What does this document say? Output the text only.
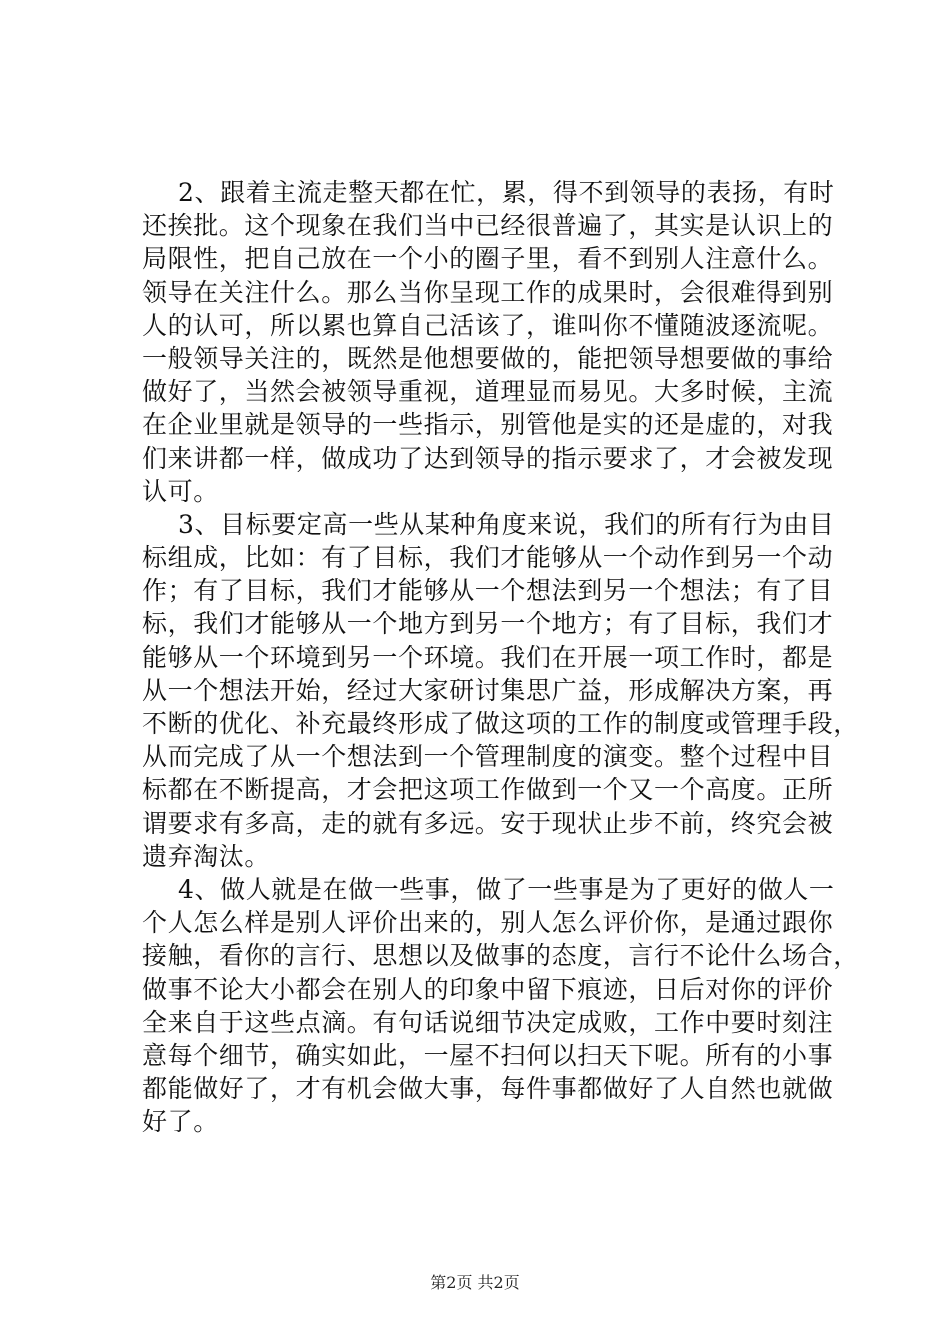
2、跟着主流走整天都在忙，累，得不到领导的表扬，有时
还挨批。这个现象在我们当中已经很普遍了，其实是认识上的
局限性，把自己放在一个小的圈子里，看不到别人注意什么。
领导在关注什么。那么当你呈现工作的成果时，会很难得到别
人的认可，所以累也算自己活该了，谁叫你不懂随波逐流呢。
一般领导关注的，既然是他想要做的，能把领导想要做的事给
做好了，当然会被领导重视，道理显而易见。大多时候，主流
在企业里就是领导的一些指示，别管他是实的还是虚的，对我
们来讲都一样，做成功了达到领导的指示要求了，才会被发现
认可。
3、目标要定高一些从某种角度来说，我们的所有行为由目
标组成，比如：有了目标，我们才能够从一个动作到另一个动
作；有了目标，我们才能够从一个想法到另一个想法；有了目
标，我们才能够从一个地方到另一个地方；有了目标，我们才
能够从一个环境到另一个环境。我们在开展一项工作时，都是
从一个想法开始，经过大家研讨集思广益，形成解决方案，再
不断的优化、补充最终形成了做这项的工作的制度或管理手段，
从而完成了从一个想法到一个管理制度的演变。整个过程中目
标都在不断提高，才会把这项工作做到一个又一个高度。正所
谓要求有多高，走的就有多远。安于现状止步不前，终究会被
遗弃淘汰。
4、做人就是在做一些事，做了一些事是为了更好的做人一
个人怎么样是别人评价出来的，别人怎么评价你，是通过跟你
接触，看你的言行、思想以及做事的态度，言行不论什么场合，
做事不论大小都会在别人的印象中留下痕迹，日后对你的评价
全来自于这些点滴。有句话说细节决定成败，工作中要时刻注
意每个细节，确实如此，一屋不扫何以扫天下呢。所有的小事
都能做好了，才有机会做大事，每件事都做好了人自然也就做
好了。
第2页 共2页
